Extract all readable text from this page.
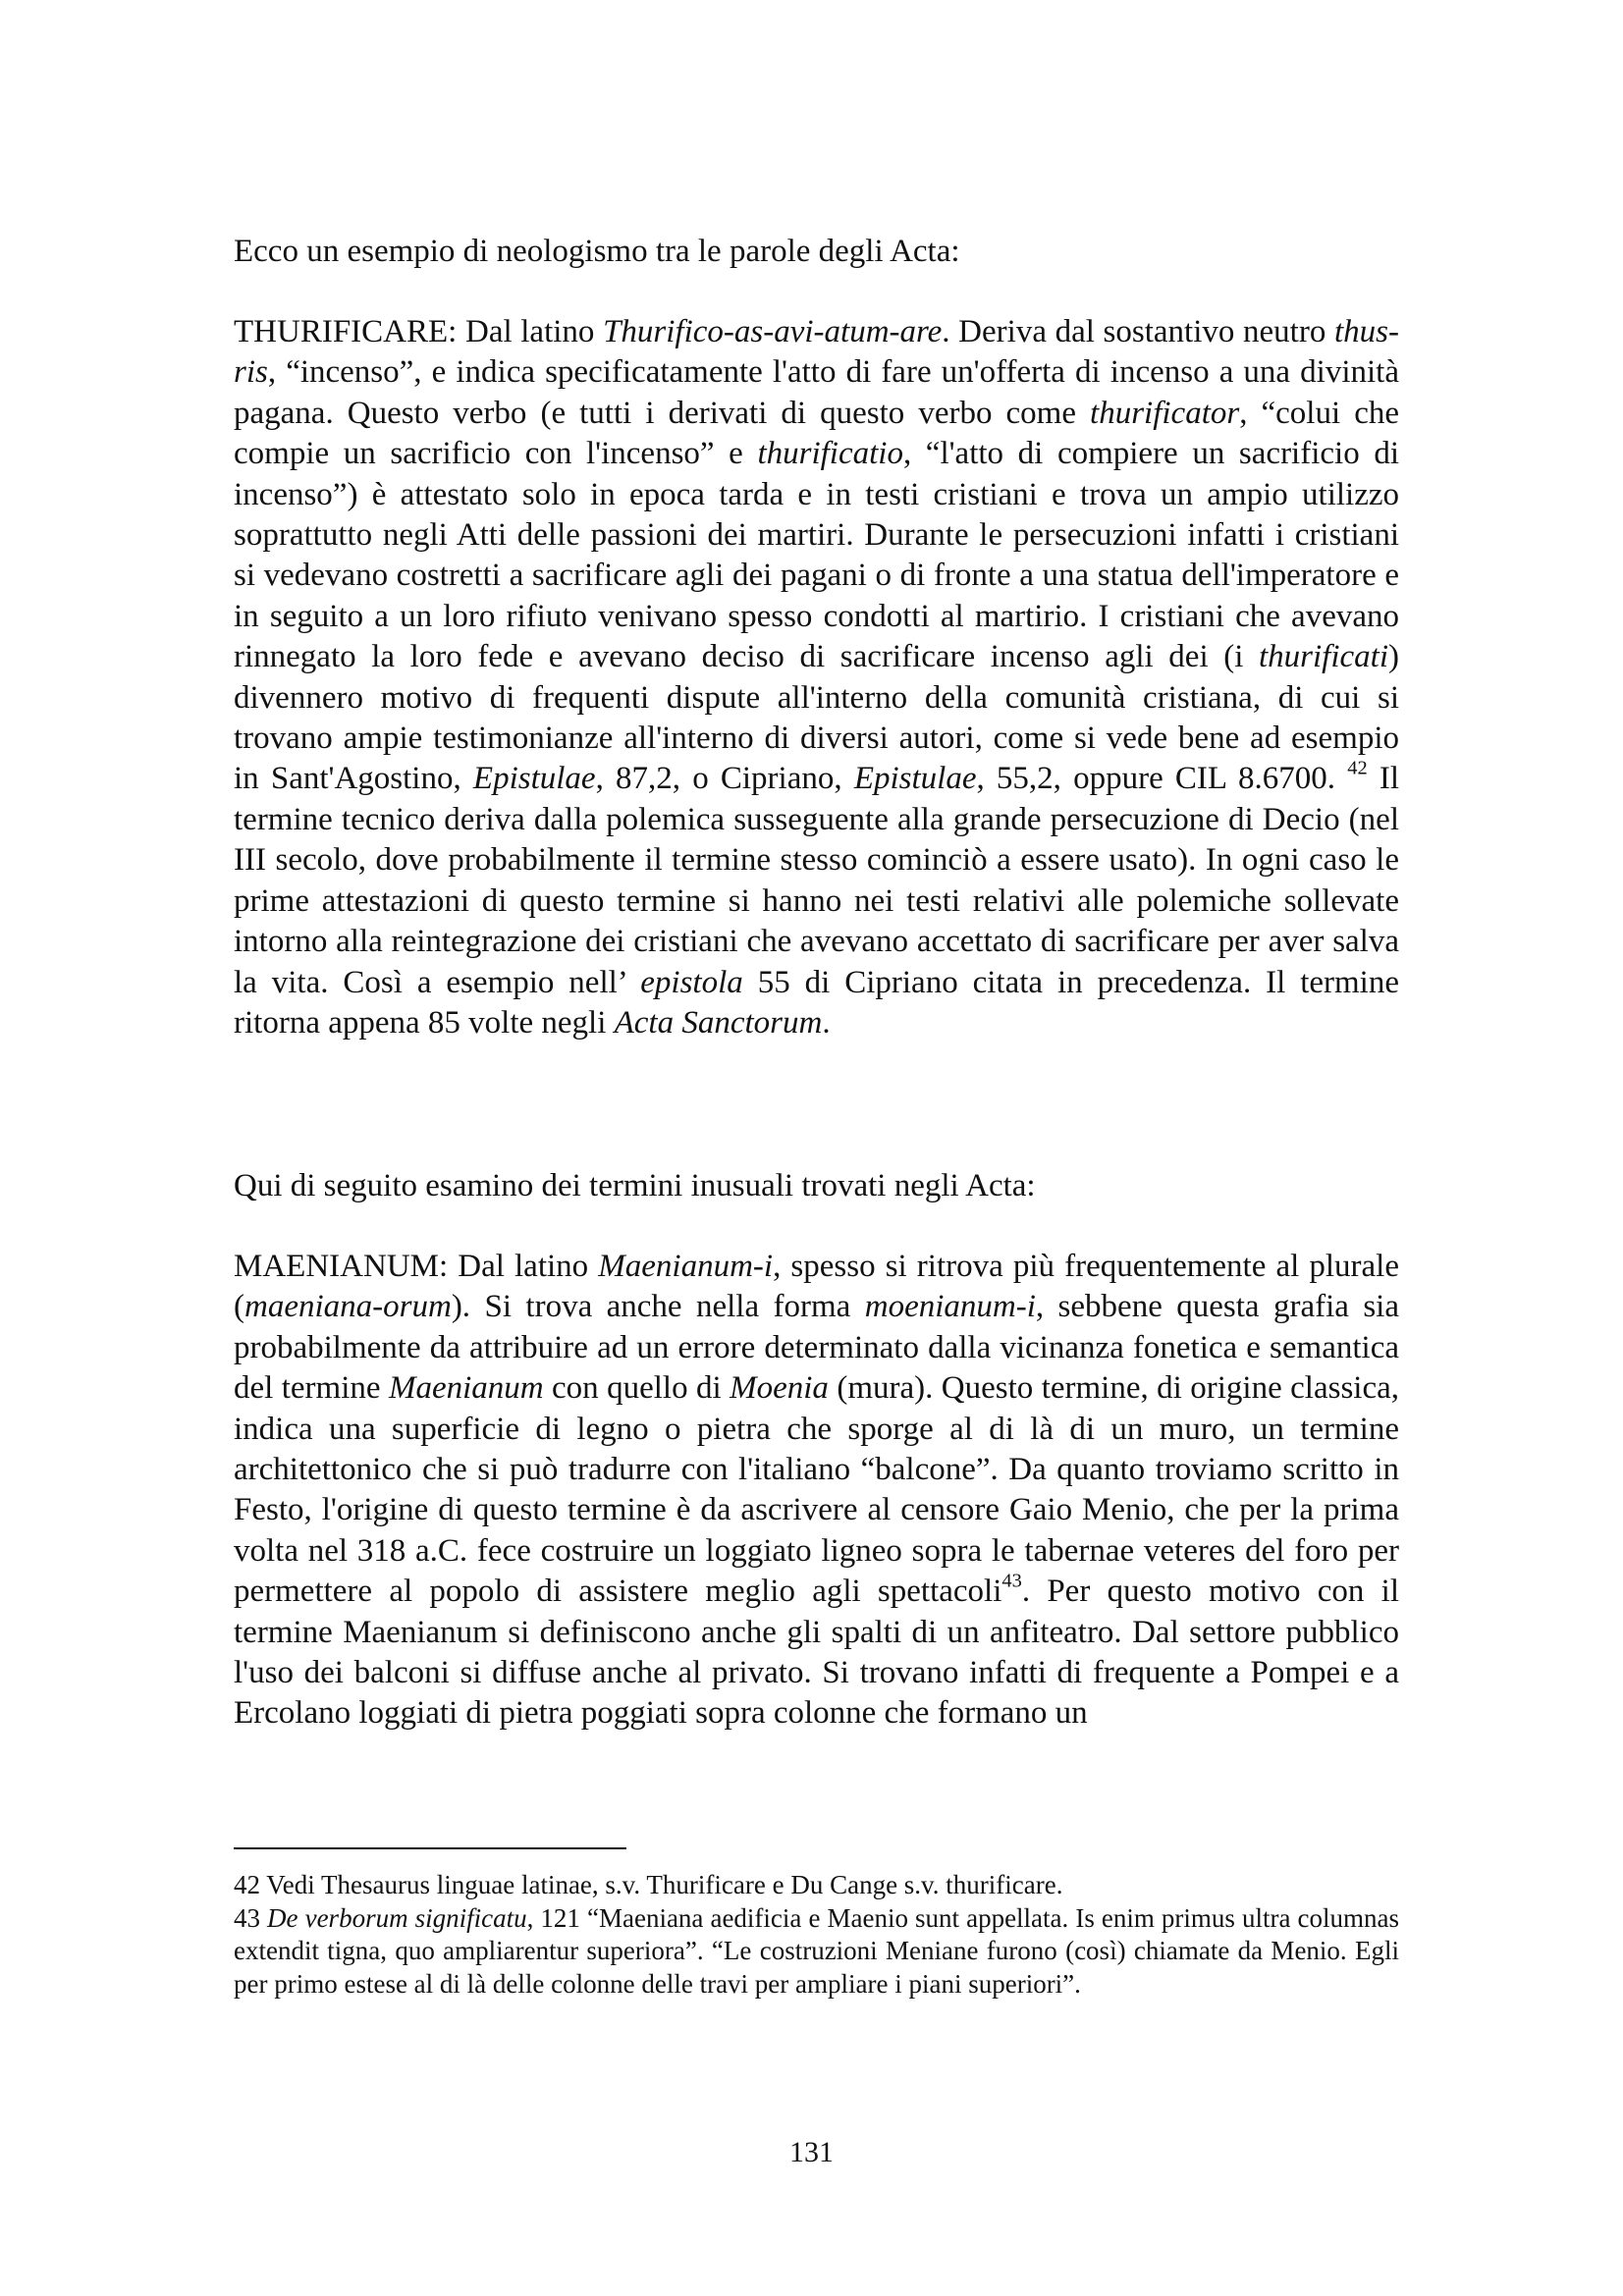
Ecco un esempio di neologismo tra le parole degli Acta:

THURIFICARE: Dal latino Thurifico-as-avi-atum-are. Deriva dal sostantivo neutro thus-ris, “incenso”, e indica specificatamente l'atto di fare un'offerta di incenso a una divinità pagana. Questo verbo (e tutti i derivati di questo verbo come thurificator, “colui che compie un sacrificio con l'incenso” e thurificatio, “l'atto di compiere un sacrificio di incenso”) è attestato solo in epoca tarda e in testi cristiani e trova un ampio utilizzo soprattutto negli Atti delle passioni dei martiri. Durante le persecuzioni infatti i cristiani si vedevano costretti a sacrificare agli dei pagani o di fronte a una statua dell'imperatore e in seguito a un loro rifiuto venivano spesso condotti al martirio. I cristiani che avevano rinnegato la loro fede e avevano deciso di sacrificare incenso agli dei (i thurificati) divennero motivo di frequenti dispute all'interno della comunità cristiana, di cui si trovano ampie testimonianze all'interno di diversi autori, come si vede bene ad esempio in Sant'Agostino, Epistulae, 87,2, o Cipriano, Epistulae, 55,2, oppure CIL 8.6700. $^{42}$ Il termine tecnico deriva dalla polemica susseguente alla grande persecuzione di Decio (nel III secolo, dove probabilmente il termine stesso cominciò a essere usato). In ogni caso le prime attestazioni di questo termine si hanno nei testi relativi alle polemiche sollevate intorno alla reintegrazione dei cristiani che avevano accettato di sacrificare per aver salva la vita. Così a esempio nell’ epistola 55 di Cipriano citata in precedenza. Il termine ritorna appena 85 volte negli Acta Sanctorum.

Qui di seguito esamino dei termini inusuali trovati negli Acta:

MAENIANUM: Dal latino Maenianum-i, spesso si ritrova più frequentemente al plurale (maeniana-orum). Si trova anche nella forma moenianum-i, sebbene questa grafia sia probabilmente da attribuire ad un errore determinato dalla vicinanza fonetica e semantica del termine Maenianum con quello di Moenia (mura). Questo termine, di origine classica, indica una superficie di legno o pietra che sporge al di là di un muro, un termine architettonico che si può tradurre con l'italiano “balcone”. Da quanto troviamo scritto in Festo, l'origine di questo termine è da ascrivere al censore Gaio Menio, che per la prima volta nel 318 a.C. fece costruire un loggiato ligneo sopra le tabernae veteres del foro per permettere al popolo di assistere meglio agli spettacoli$^{43}$. Per questo motivo con il termine Maenianum si definiscono anche gli spalti di un anfiteatro. Dal settore pubblico l'uso dei balconi si diffuse anche al privato. Si trovano infatti di frequente a Pompei e a Ercolano loggiati di pietra poggiati sopra colonne che formano un

42 Vedi Thesaurus linguae latinae, s.v. Thurificare e Du Cange s.v. thurificare.

43 De verborum significatu, 121 “Maeniana aedificia e Maenio sunt appellata. Is enim primus ultra columnas extendit tigna, quo ampliarentur superiora”. “Le costruzioni Meniane furono (così) chiamate da Menio. Egli per primo estese al di là delle colonne delle travi per ampliare i piani superiori”.

131
